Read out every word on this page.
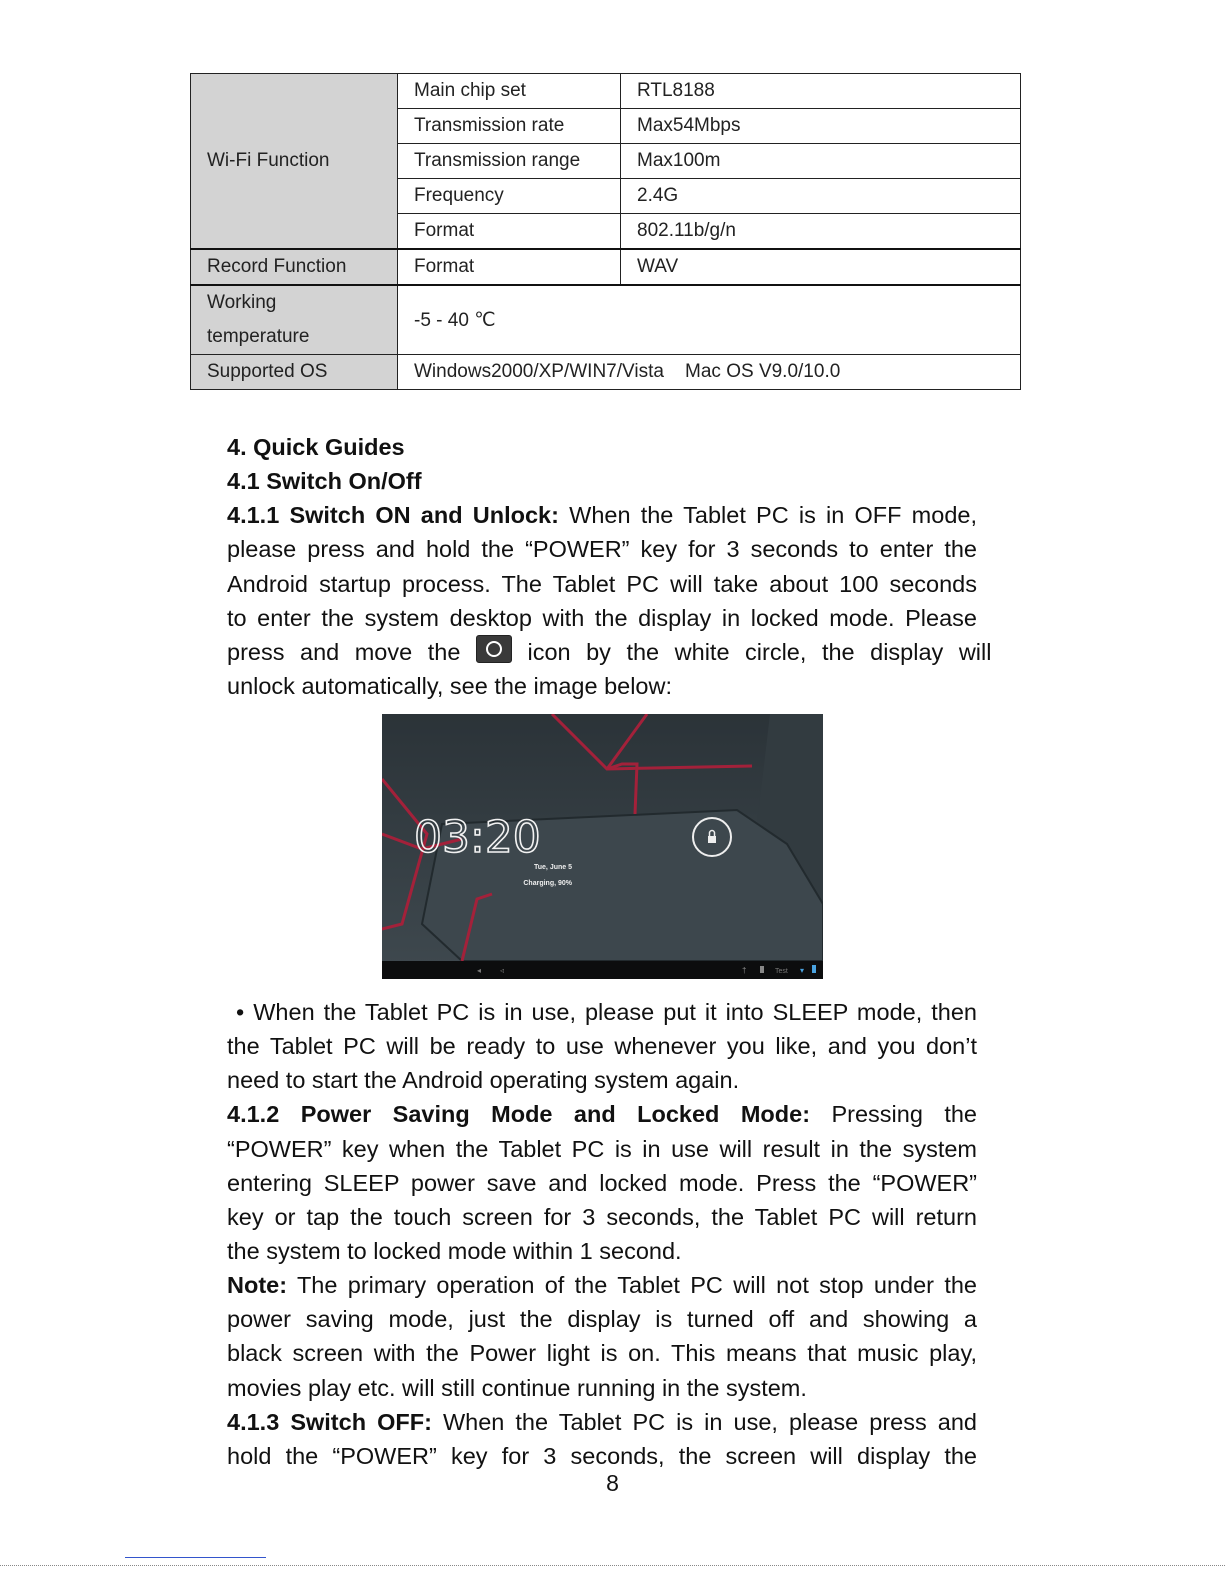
Wi-Fi Function	Main chip set	RTL8188
	Transmission rate	Max54Mbps
	Transmission range	Max100m
	Frequency	2.4G
	Format	802.11b/g/n
Record Function	Format	WAV
Working
temperature	-5 - 40 ℃	
Supported OS	Windows2000/XP/WIN7/Vista    Mac OS V9.0/10.0	
4. Quick Guides
4.1 Switch On/Off
4.1.1 Switch ON and Unlock: When the Tablet PC is in OFF mode,
please press and hold the “POWER” key for 3 seconds to enter the
Android startup process. The Tablet PC will take about 100 seconds
to enter the system desktop with the display in locked mode. Please
press and move the	icon by the white circle, the display will
unlock automatically, see the image below:
03:20
Tue, June 5
Charging, 90%
◂ ◃	†	Test ▾
• When the Tablet PC is in use, please put it into SLEEP mode, then
the Tablet PC will be ready to use whenever you like, and you don’t
need to start the Android operating system again.
4.1.2 Power Saving Mode and Locked Mode: Pressing the
“POWER” key when the Tablet PC is in use will result in the system
entering SLEEP power save and locked mode. Press the “POWER”
key or tap the touch screen for 3 seconds, the Tablet PC will return
the system to locked mode within 1 second.
Note: The primary operation of the Tablet PC will not stop under the
power saving mode, just the display is turned off and showing a
black screen with the Power light is on. This means that music play,
movies play etc. will still continue running in the system.
4.1.3 Switch OFF: When the Tablet PC is in use, please press and
hold the “POWER” key for 3 seconds, the screen will display the
8
